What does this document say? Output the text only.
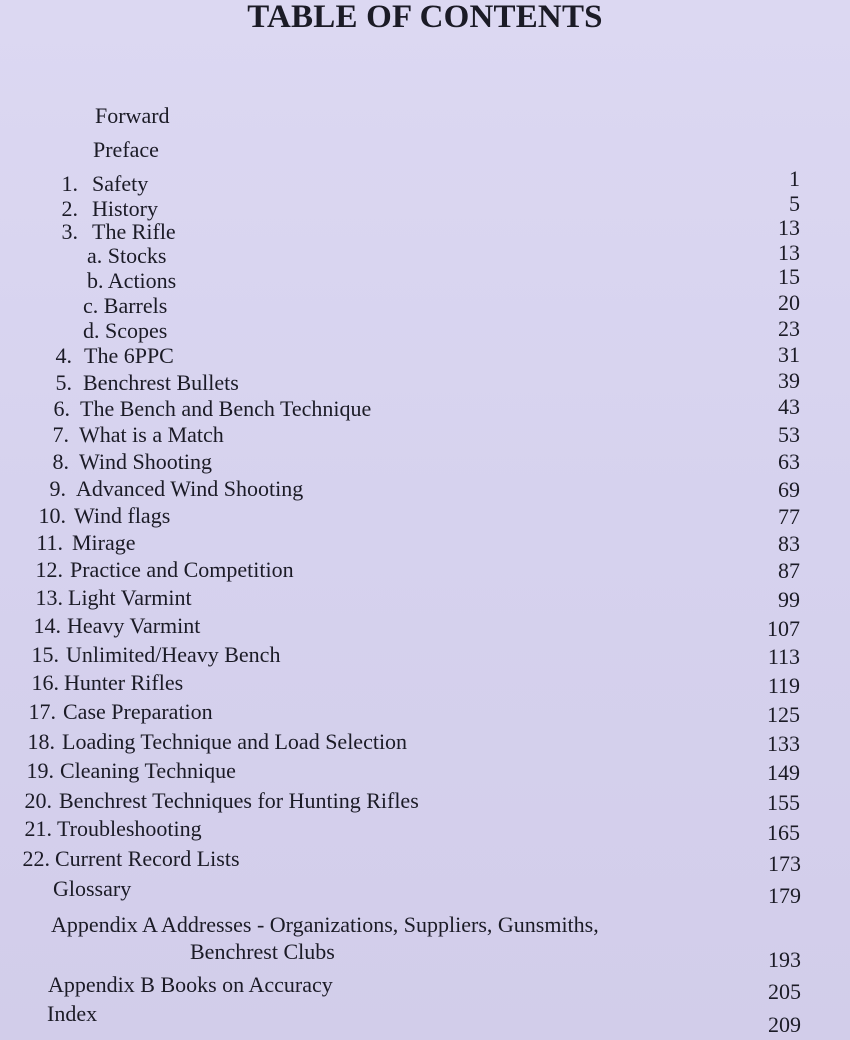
TABLE OF CONTENTS
Forward
Preface
1. Safety	1
2. History	5
3. The Rifle	13
a. Stocks	13
b. Actions	15
c. Barrels	20
d. Scopes	23
4. The 6PPC	31
5. Benchrest Bullets	39
6. The Bench and Bench Technique	43
7. What is a Match	53
8. Wind Shooting	63
9. Advanced Wind Shooting	69
10. Wind flags	77
11. Mirage	83
12. Practice and Competition	87
13. Light Varmint	99
14. Heavy Varmint	107
15. Unlimited/Heavy Bench	113
16. Hunter Rifles	119
17. Case Preparation	125
18. Loading Technique and Load Selection	133
19. Cleaning Technique	149
20. Benchrest Techniques for Hunting Rifles	155
21. Troubleshooting	165
22. Current Record Lists	173
Glossary	179
Appendix A Addresses - Organizations, Suppliers, Gunsmiths,
Benchrest Clubs	193
Appendix B Books on Accuracy	205
Index	209
